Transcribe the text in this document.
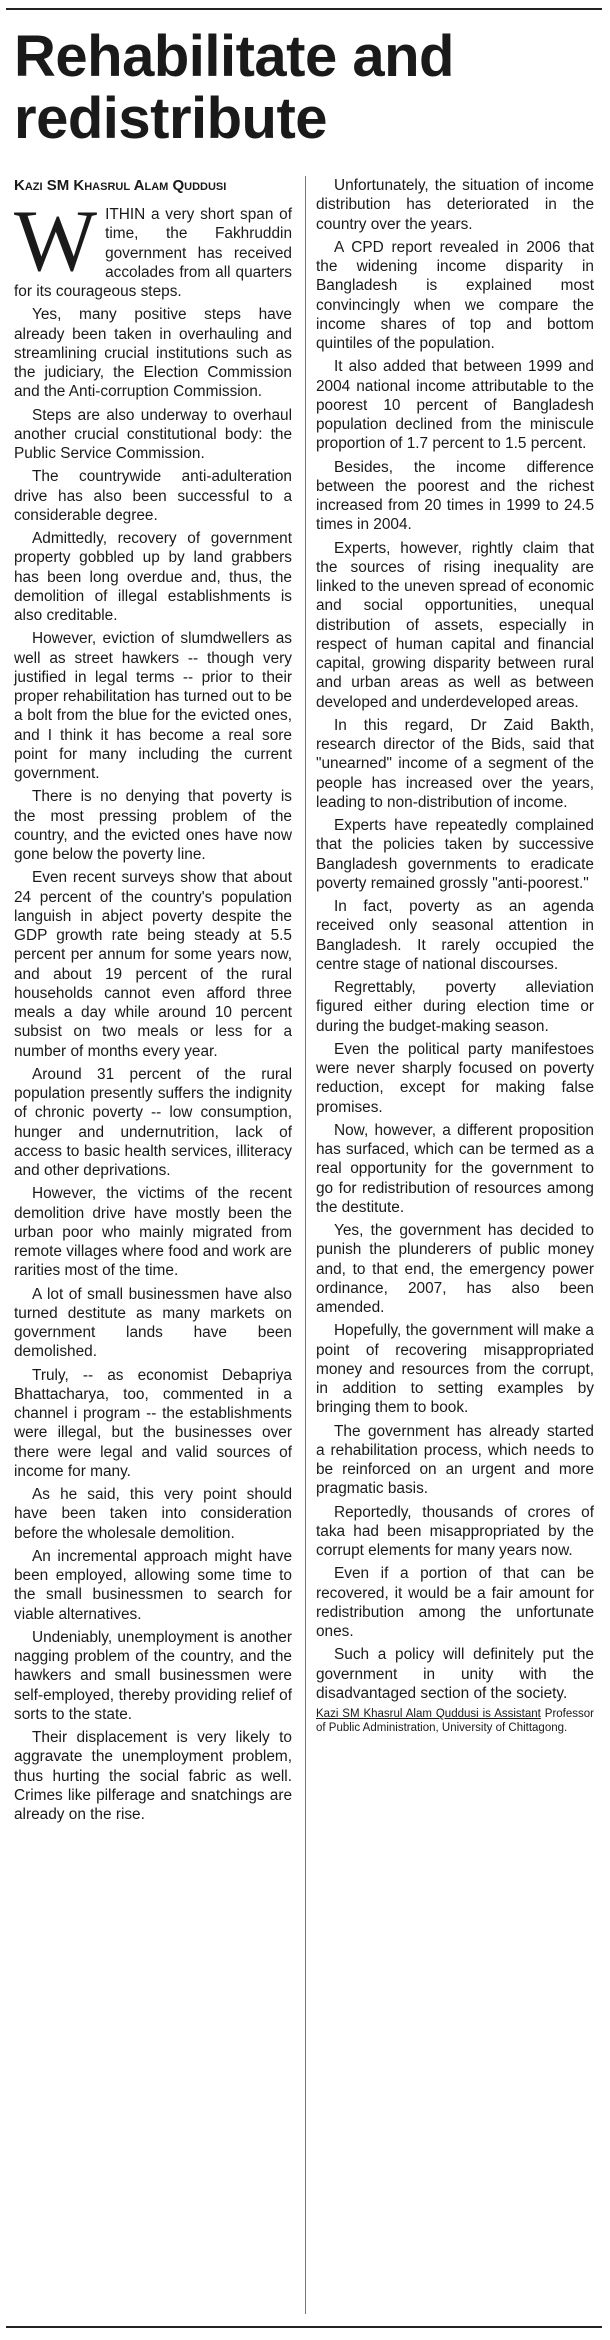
Rehabilitate and
redistribute
Kazi SM Khasrul Alam Quddusi

WITHIN a very short span of time, the Fakhruddin government has received accolades from all quarters for its courageous steps.

Yes, many positive steps have already been taken in overhauling and streamlining crucial institutions such as the judiciary, the Election Commission and the Anti-corruption Commission.

Steps are also underway to overhaul another crucial constitutional body: the Public Service Commission.

The countrywide anti-adulteration drive has also been successful to a considerable degree.

Admittedly, recovery of government property gobbled up by land grabbers has been long overdue and, thus, the demolition of illegal establishments is also creditable.

However, eviction of slumdwellers as well as street hawkers -- though very justified in legal terms -- prior to their proper rehabilitation has turned out to be a bolt from the blue for the evicted ones, and I think it has become a real sore point for many including the current government.

There is no denying that poverty is the most pressing problem of the country, and the evicted ones have now gone below the poverty line.

Even recent surveys show that about 24 percent of the country's population languish in abject poverty despite the GDP growth rate being steady at 5.5 percent per annum for some years now, and about 19 percent of the rural households cannot even afford three meals a day while around 10 percent subsist on two meals or less for a number of months every year.

Around 31 percent of the rural population presently suffers the indignity of chronic poverty -- low consumption, hunger and undernutrition, lack of access to basic health services, illiteracy and other deprivations.

However, the victims of the recent demolition drive have mostly been the urban poor who mainly migrated from remote villages where food and work are rarities most of the time.

A lot of small businessmen have also turned destitute as many markets on government lands have been demolished.

Truly, -- as economist Debapriya Bhattacharya, too, commented in a channel i program -- the establishments were illegal, but the businesses over there were legal and valid sources of income for many.

As he said, this very point should have been taken into consideration before the wholesale demolition.

An incremental approach might have been employed, allowing some time to the small businessmen to search for viable alternatives.

Undeniably, unemployment is another nagging problem of the country, and the hawkers and small businessmen were self-employed, thereby providing relief of sorts to the state.

Their displacement is very likely to aggravate the unemployment problem, thus hurting the social fabric as well. Crimes like pilferage and snatchings are already on the rise.

Unfortunately, the situation of income distribution has deteriorated in the country over the years.

A CPD report revealed in 2006 that the widening income disparity in Bangladesh is explained most convincingly when we compare the income shares of top and bottom quintiles of the population.

It also added that between 1999 and 2004 national income attributable to the poorest 10 percent of Bangladesh population declined from the miniscule proportion of 1.7 percent to 1.5 percent.

Besides, the income difference between the poorest and the richest increased from 20 times in 1999 to 24.5 times in 2004.

Experts, however, rightly claim that the sources of rising inequality are linked to the uneven spread of economic and social opportunities, unequal distribution of assets, especially in respect of human capital and financial capital, growing disparity between rural and urban areas as well as between developed and underdeveloped areas.

In this regard, Dr Zaid Bakth, research director of the Bids, said that "unearned" income of a segment of the people has increased over the years, leading to non-distribution of income.

Experts have repeatedly complained that the policies taken by successive Bangladesh governments to eradicate poverty remained grossly "anti-poorest."

In fact, poverty as an agenda received only seasonal attention in Bangladesh. It rarely occupied the centre stage of national discourses.

Regrettably, poverty alleviation figured either during election time or during the budget-making season.

Even the political party manifestoes were never sharply focused on poverty reduction, except for making false promises.

Now, however, a different proposition has surfaced, which can be termed as a real opportunity for the government to go for redistribution of resources among the destitute.

Yes, the government has decided to punish the plunderers of public money and, to that end, the emergency power ordinance, 2007, has also been amended.

Hopefully, the government will make a point of recovering misappropriated money and resources from the corrupt, in addition to setting examples by bringing them to book.

The government has already started a rehabilitation process, which needs to be reinforced on an urgent and more pragmatic basis.

Reportedly, thousands of crores of taka had been misappropriated by the corrupt elements for many years now.

Even if a portion of that can be recovered, it would be a fair amount for redistribution among the unfortunate ones.

Such a policy will definitely put the government in unity with the disadvantaged section of the society.

Kazi SM Khasrul Alam Quddusi is Assistant Professor of Public Administration, University of Chittagong.
